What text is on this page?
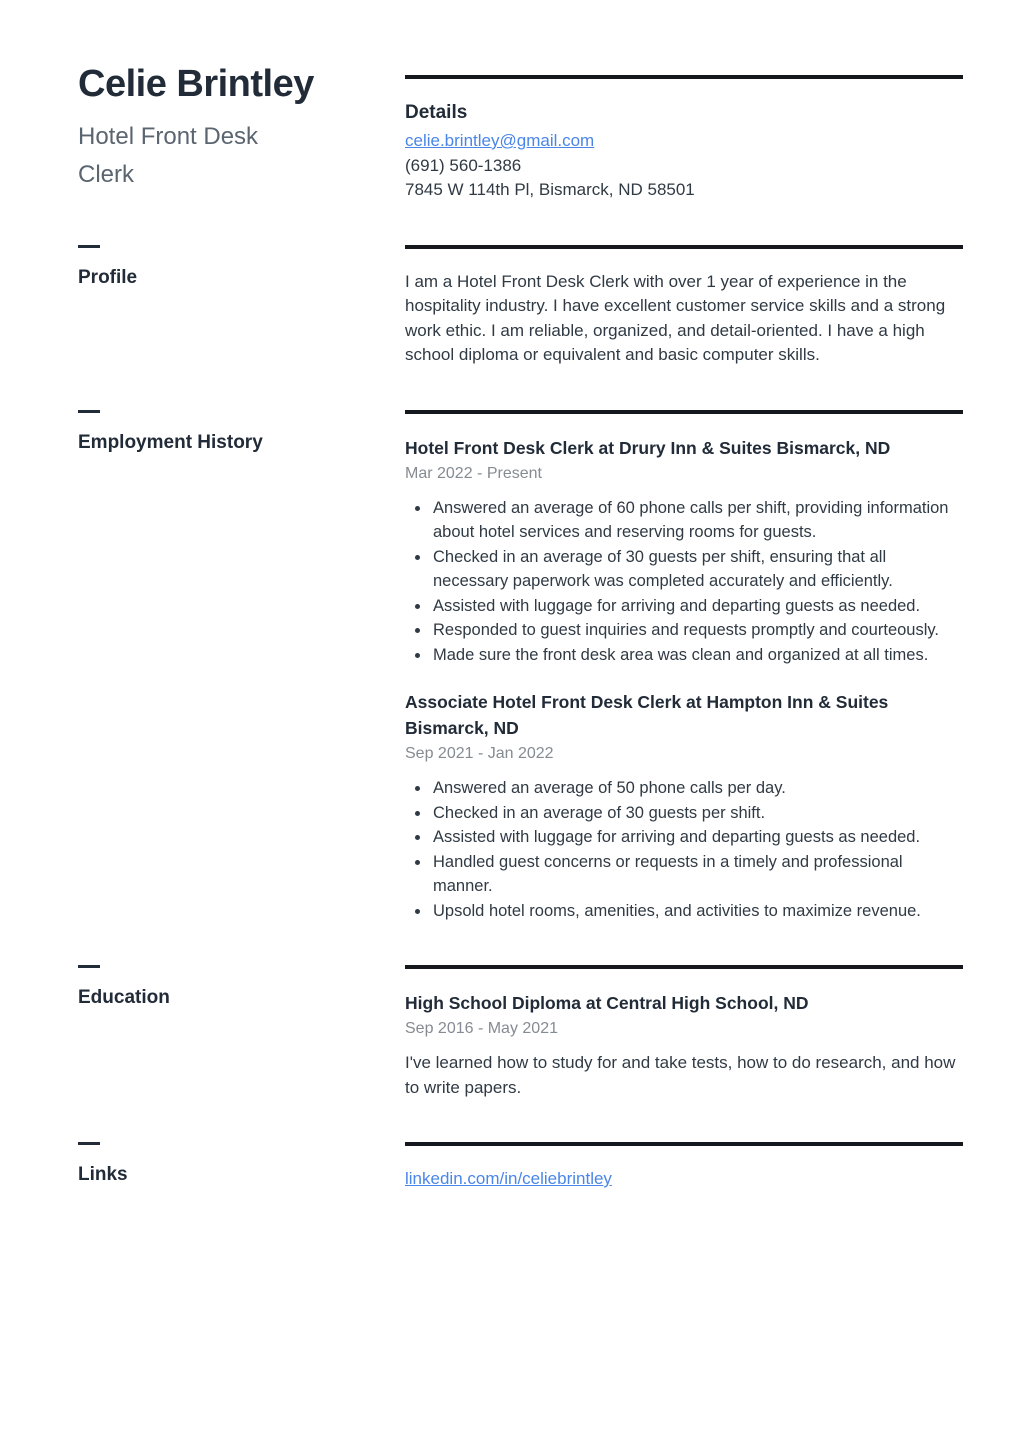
Celie Brintley
Hotel Front Desk Clerk
Details
celie.brintley@gmail.com
(691) 560-1386
7845 W 114th Pl, Bismarck, ND 58501
Profile	I am a Hotel Front Desk Clerk with over 1 year of experience in the hospitality industry. I have excellent customer service skills and a strong work ethic. I am reliable, organized, and detail-oriented. I have a high school diploma or equivalent and basic computer skills.

Employment History	Hotel Front Desk Clerk at Drury Inn & Suites Bismarck, ND
Mar 2022 - Present
• Answered an average of 60 phone calls per shift, providing information about hotel services and reserving rooms for guests.
• Checked in an average of 30 guests per shift, ensuring that all necessary paperwork was completed accurately and efficiently.
• Assisted with luggage for arriving and departing guests as needed.
• Responded to guest inquiries and requests promptly and courteously.
• Made sure the front desk area was clean and organized at all times.
Associate Hotel Front Desk Clerk at Hampton Inn & Suites Bismarck, ND
Sep 2021 - Jan 2022
• Answered an average of 50 phone calls per day.
• Checked in an average of 30 guests per shift.
• Assisted with luggage for arriving and departing guests as needed.
• Handled guest concerns or requests in a timely and professional manner.
• Upsold hotel rooms, amenities, and activities to maximize revenue.
Education	High School Diploma at Central High School, ND
Sep 2016 - May 2021

I've learned how to study for and take tests, how to do research, and how to write papers.

Links	linkedin.com/in/celiebrintley
